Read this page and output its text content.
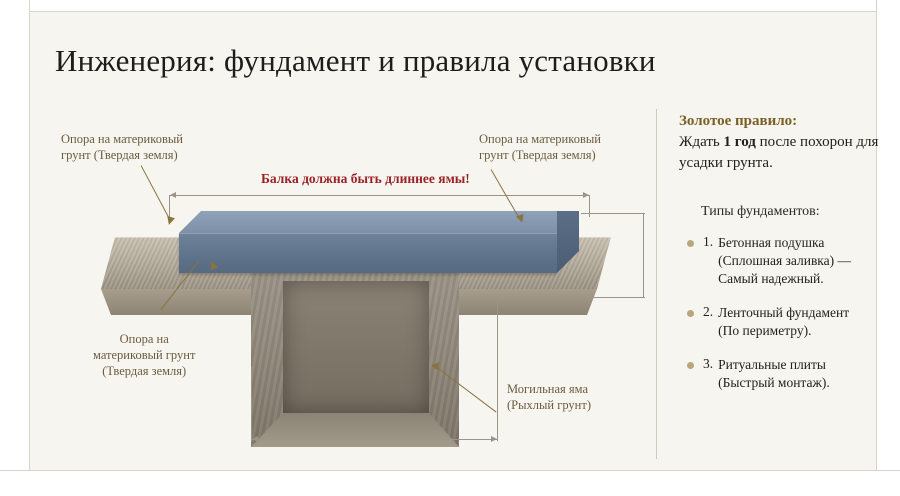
Инженерия: фундамент и правила установки
Балка должна быть длиннее ямы!
Опора на материковый
грунт (Твердая земля)
Опора на материковый
грунт (Твердая земля)
Опора на
материковый грунт
(Твердая земля)
Могильная яма
(Рыхлый грунт)
Золотое правило:
Ждать 1 год после похорон для усадки грунта.
Типы фундаментов:
1. Бетонная подушка
(Сплошная заливка) —
Самый надежный.
2. Ленточный фундамент
(По периметру).
3. Ритуальные плиты
(Быстрый монтаж).
